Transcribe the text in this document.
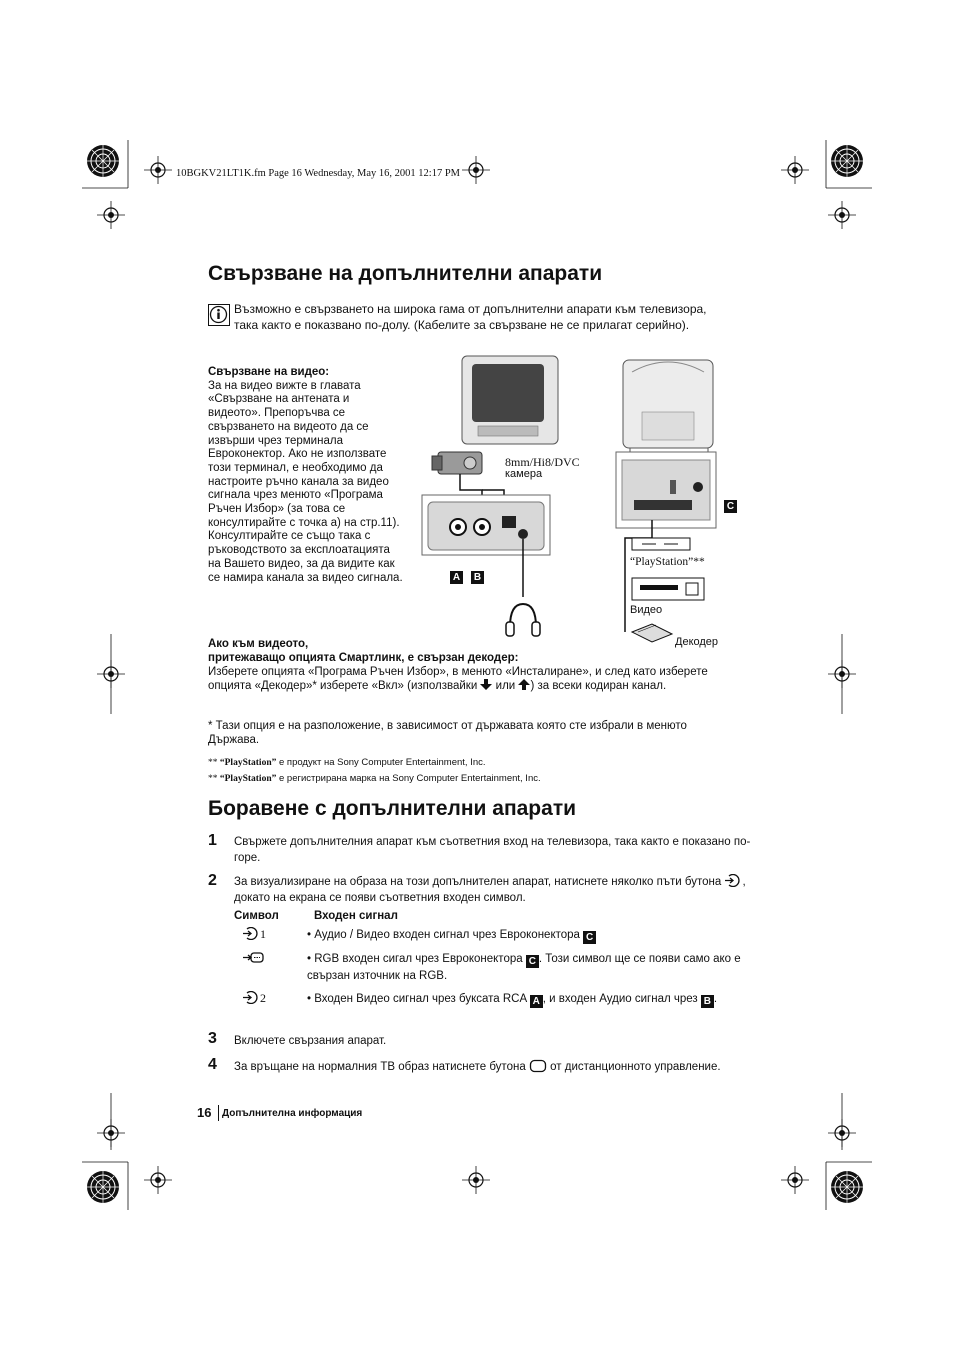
10BGKV21LT1K.fm Page 16 Wednesday, May 16, 2001 12:17 PM
Свързване на допълнителни апарати
Възможно е свързването на широка гама от допълнителни апарати към телевизора, така както е показвано по-долу. (Кабелите за свързване не се прилагат серийно).

Свързване на видео:

За на видео вижте в главата «Свързване на антената и видеото». Препоръчва се свързването на видеото да се извърши чрез терминала Евроконектор. Ако не използвате този терминал, е необходимо да настроите ръчно канала за видео сигнала чрез менюто «Програма Ръчен Избор» (за това се консултирайте с точка а) на стр.11). Консултирайте се също така с ръководството за експлоатацията на Вашето видео, за да видите как се намира канала за видео сигнала.

8mm/Hi8/DVC
камера
A B
C
“PlayStation”**
Видео
Декодер

Ако към видеото,

притежаващо опцията Смартлинк, е свързан декодер:

Изберете опцията «Програма Ръчен Избор», в менюто «Инсталиране», и след като изберете опцията «Декодер»* изберете «Вкл» (използвайки или ) за всеки кодиран канал.

* Тази опция е на разположение, в зависимост от държавата която сте избрали в менюто Държава.
** “PlayStation” е продукт на Sony Computer Entertainment, Inc.
** “PlayStation” е регистрирана марка на Sony Computer Entertainment, Inc.
Боравене с допълнителни апарати
1 Свържете допълнителния апарат към съответния вход на телевизора, така както е показано по-горе.
2 За визуализиране на образа на този допълнителен апарат, натиснете няколко пъти бутона , докато на екрана се появи съответния входен символ.
Символ	Входен сигнал
1	• Аудио / Видео входен сигнал чрез Евроконектора C
• RGB входен сигал чрез Евроконектора C . Този символ ще се появи само ако е свързан източник на RGB.
2	• Входен Видео сигнал чрез буксата RCA A , и входен Аудио сигнал чрез B .
3 Включете свързания апарат.
4 За връщане на нормалния ТВ образ натиснете бутона от дистанционното управление.
16 Допълнителна информация
